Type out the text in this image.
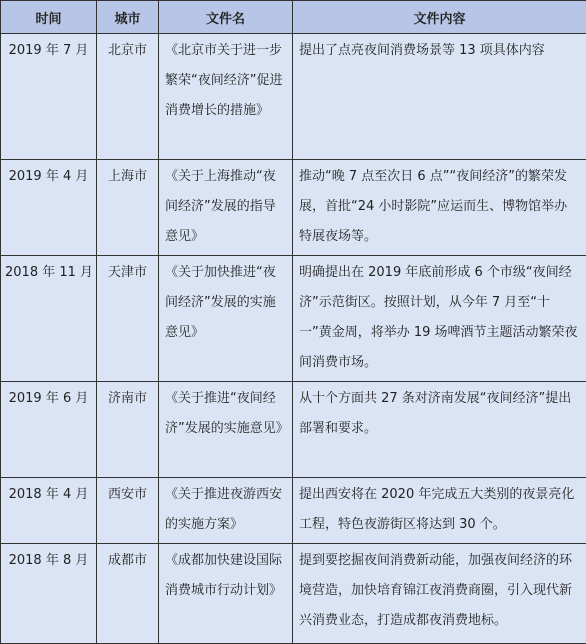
时间	城市	文件名	文件内容
2019 年 7 月	北京市	《北京市关于进一步繁荣“夜间经济”促进消费增长的措施》	提出了点亮夜间消费场景等 13 项具体内容
2019 年 4 月	上海市	《关于上海推动“夜间经济”发展的指导意见》	推动“晚 7 点至次日 6 点”“夜间经济”的繁荣发展，首批“24 小时影院”应运而生、博物馆举办特展夜场等。
2018 年 11 月	天津市	《关于加快推进“夜间经济”发展的实施意见》	明确提出在 2019 年底前形成 6 个市级“夜间经济”示范街区。按照计划，从今年 7 月至“十一”黄金周，将举办 19 场啤酒节主题活动繁荣夜间消费市场。
2019 年 6 月	济南市	《关于推进“夜间经济”发展的实施意见》	从十个方面共 27 条对济南发展“夜间经济”提出部署和要求。
2018 年 4 月	西安市	《关于推进夜游西安的实施方案》	提出西安将在 2020 年完成五大类别的夜景亮化工程，特色夜游街区将达到 30 个。
2018 年 8 月	成都市	《成都加快建设国际消费城市行动计划》	提到要挖掘夜间消费新动能，加强夜间经济的环境营造，加快培育锦江夜消费商圈，引入现代新兴消费业态，打造成都夜消费地标。
